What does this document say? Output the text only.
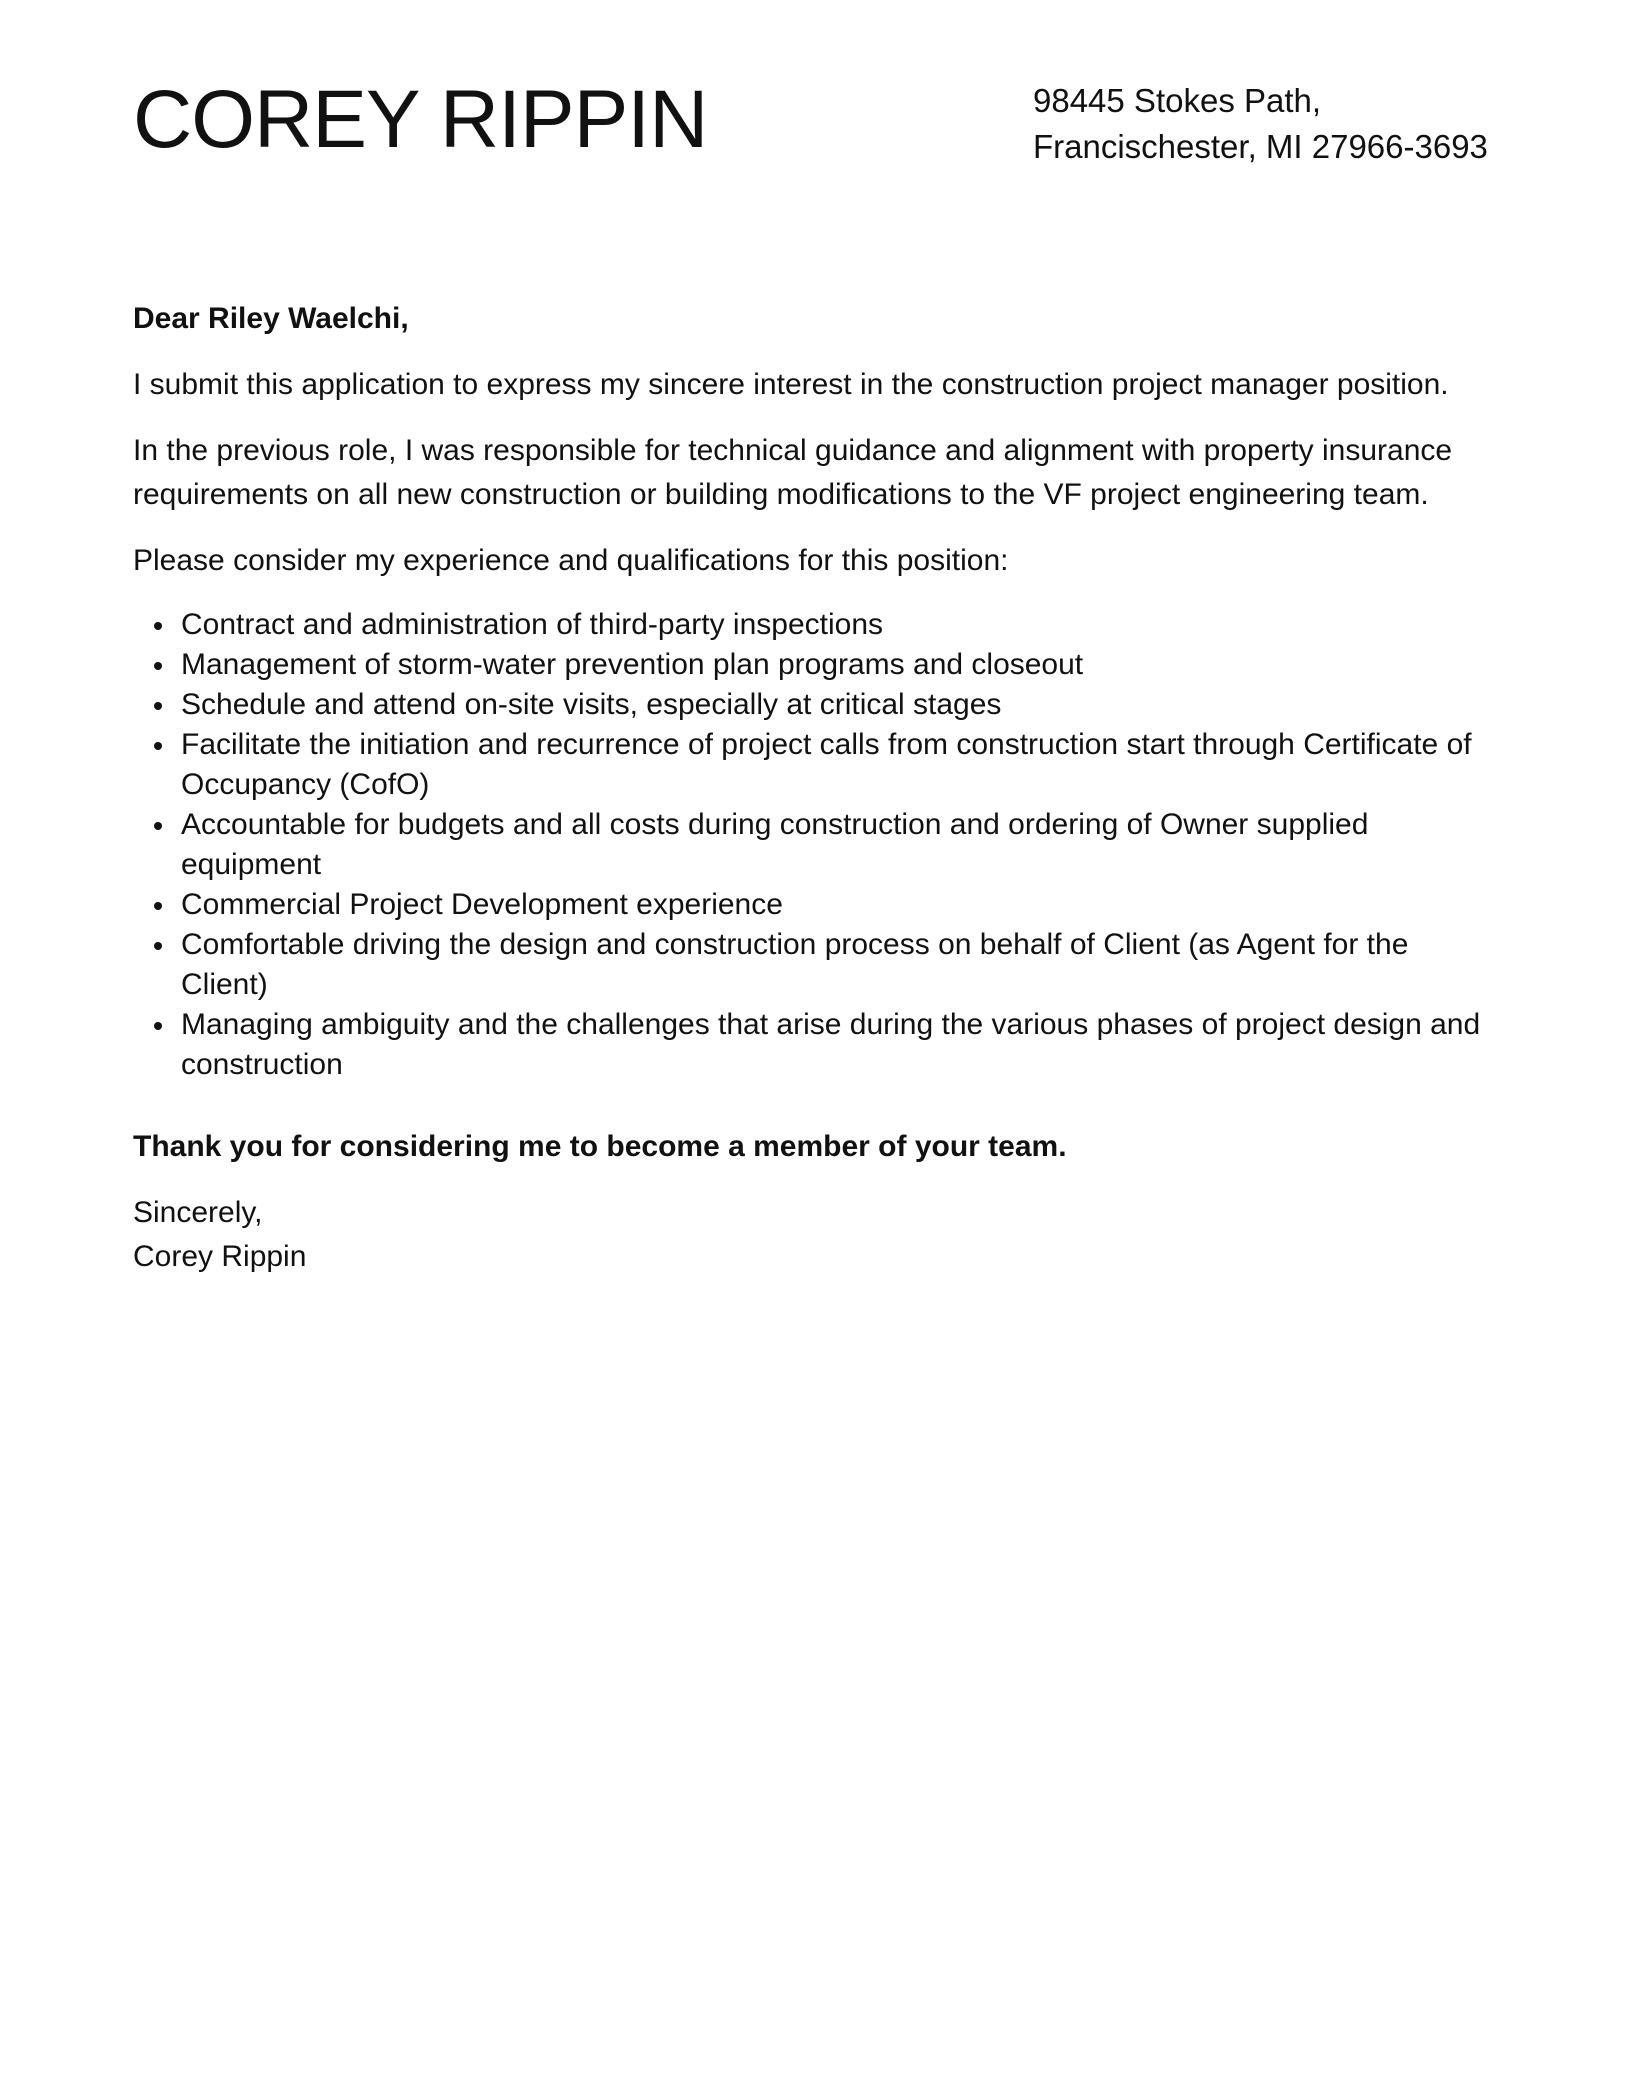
COREY RIPPIN	98445 Stokes Path,
Francischester, MI 27966-3693

Dear Riley Waelchi,

I submit this application to express my sincere interest in the construction project manager position.

In the previous role, I was responsible for technical guidance and alignment with property insurance requirements on all new construction or building modifications to the VF project engineering team.

Please consider my experience and qualifications for this position:

Contract and administration of third-party inspections
Management of storm-water prevention plan programs and closeout
Schedule and attend on-site visits, especially at critical stages
Facilitate the initiation and recurrence of project calls from construction start through Certificate of Occupancy (CofO)
Accountable for budgets and all costs during construction and ordering of Owner supplied equipment
Commercial Project Development experience
Comfortable driving the design and construction process on behalf of Client (as Agent for the Client)
Managing ambiguity and the challenges that arise during the various phases of project design and construction

Thank you for considering me to become a member of your team.

Sincerely,
Corey Rippin
